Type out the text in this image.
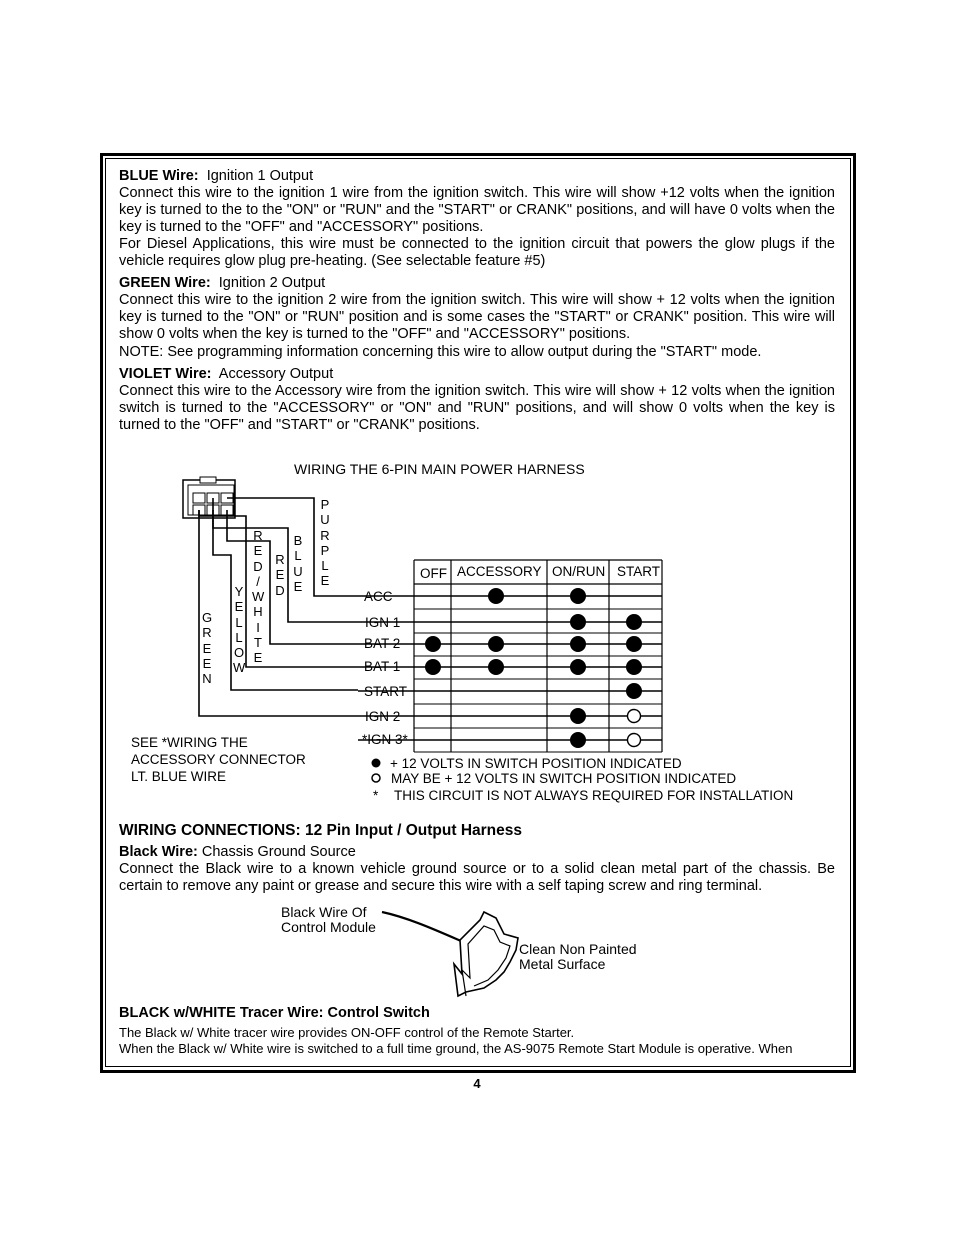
BLUE Wire: Ignition 1 Output
Connect this wire to the ignition 1 wire from the ignition switch. This wire will show +12 volts when the ignition key is turned to the to the "ON" or "RUN" and the "START" or CRANK" positions, and will have 0 volts when the key is turned to the "OFF" and "ACCESSORY" positions.
For Diesel Applications, this wire must be connected to the ignition circuit that powers the glow plugs if the vehicle requires glow plug pre-heating. (See selectable feature #5)
GREEN Wire: Ignition 2 Output
Connect this wire to the ignition 2 wire from the ignition switch. This wire will show + 12 volts when the ignition key is turned to the "ON" or "RUN" position and is some cases the "START" or CRANK" position. This wire will show 0 volts when the key is turned to the "OFF" and "ACCESSORY" positions.
NOTE: See programming information concerning this wire to allow output during the "START" mode.
VIOLET Wire: Accessory Output
Connect this wire to the Accessory wire from the ignition switch. This wire will show + 12 volts when the ignition switch is turned to the "ACCESSORY" or "ON" and "RUN" positions, and will show 0 volts when the key is turned to the "OFF" and "START" or "CRANK" positions.
WIRING THE 6-PIN MAIN POWER HARNESS
P
U
R
P
L
E
B
L
U
E
R
E
D
R
E
D
/
W
H
I
T
E
Y
E
L
L
O
W
G
R
E
E
N
OFF ACCESSORY ON/RUN START
ACC
IGN 1
BAT 2
BAT 1
START
IGN 2
*IGN 3*
SEE *WIRING THE
ACCESSORY CONNECTOR
LT. BLUE WIRE
+ 12 VOLTS IN SWITCH POSITION INDICATED
MAY BE + 12 VOLTS IN SWITCH POSITION INDICATED
* THIS CIRCUIT IS NOT ALWAYS REQUIRED FOR INSTALLATION
WIRING CONNECTIONS: 12 Pin Input / Output Harness
Black Wire: Chassis Ground Source
Connect the Black wire to a known vehicle ground source or to a solid clean metal part of the chassis. Be certain to remove any paint or grease and secure this wire with a self taping screw and ring terminal.
Black Wire Of
Control Module
Clean Non Painted
Metal Surface
BLACK w/WHITE Tracer Wire: Control Switch
The Black w/ White tracer wire provides ON-OFF control of the Remote Starter.
When the Black w/ White wire is switched to a full time ground, the AS-9075 Remote Start Module is operative. When
4
